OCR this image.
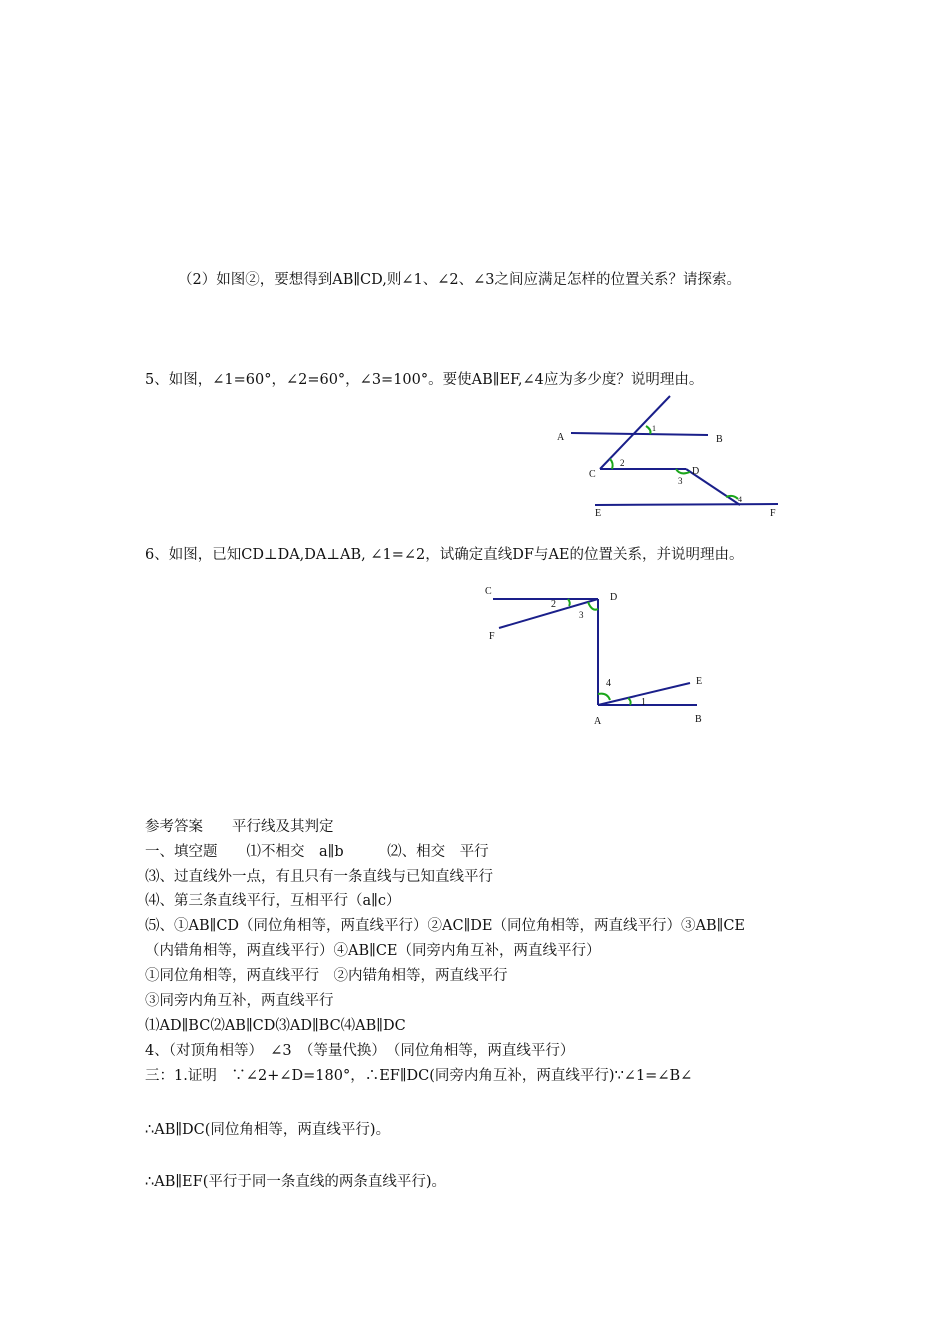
（2）如图②，要想得到AB∥CD,则∠1、∠2、∠3之间应满足怎样的位置关系？请探索。
5、如图，∠1=60°，∠2=60°，∠3=100°。要使AB∥EF,∠4应为多少度？说明理由。
A	B
C	D
E	F
1
2
3
4
6、如图，已知CD⊥DA,DA⊥AB, ∠1=∠2，试确定直线DF与AE的位置关系，并说明理由。
C
D
F
E
A	B
2
3
4
1
参考答案　　平行线及其判定
一、填空题　　⑴不相交　a∥b　　　⑵、相交　平行
⑶、过直线外一点，有且只有一条直线与已知直线平行
⑷、第三条直线平行，互相平行（a∥c）
⑸、①AB∥CD（同位角相等，两直线平行）②AC∥DE（同位角相等，两直线平行）③AB∥CE
（内错角相等，两直线平行）④AB∥CE（同旁内角互补，两直线平行）
①同位角相等，两直线平行　②内错角相等，两直线平行
③同旁内角互补，两直线平行
⑴AD∥BC⑵AB∥CD⑶AD∥BC⑷AB∥DC
4、（对顶角相等）　∠3　（等量代换）　（同位角相等，两直线平行）
三：1.证明　∵∠2+∠D=180°，∴EF∥DC(同旁内角互补，两直线平行)∵∠1=∠B∠
∴AB∥DC(同位角相等，两直线平行)。
∴AB∥EF(平行于同一条直线的两条直线平行)。
